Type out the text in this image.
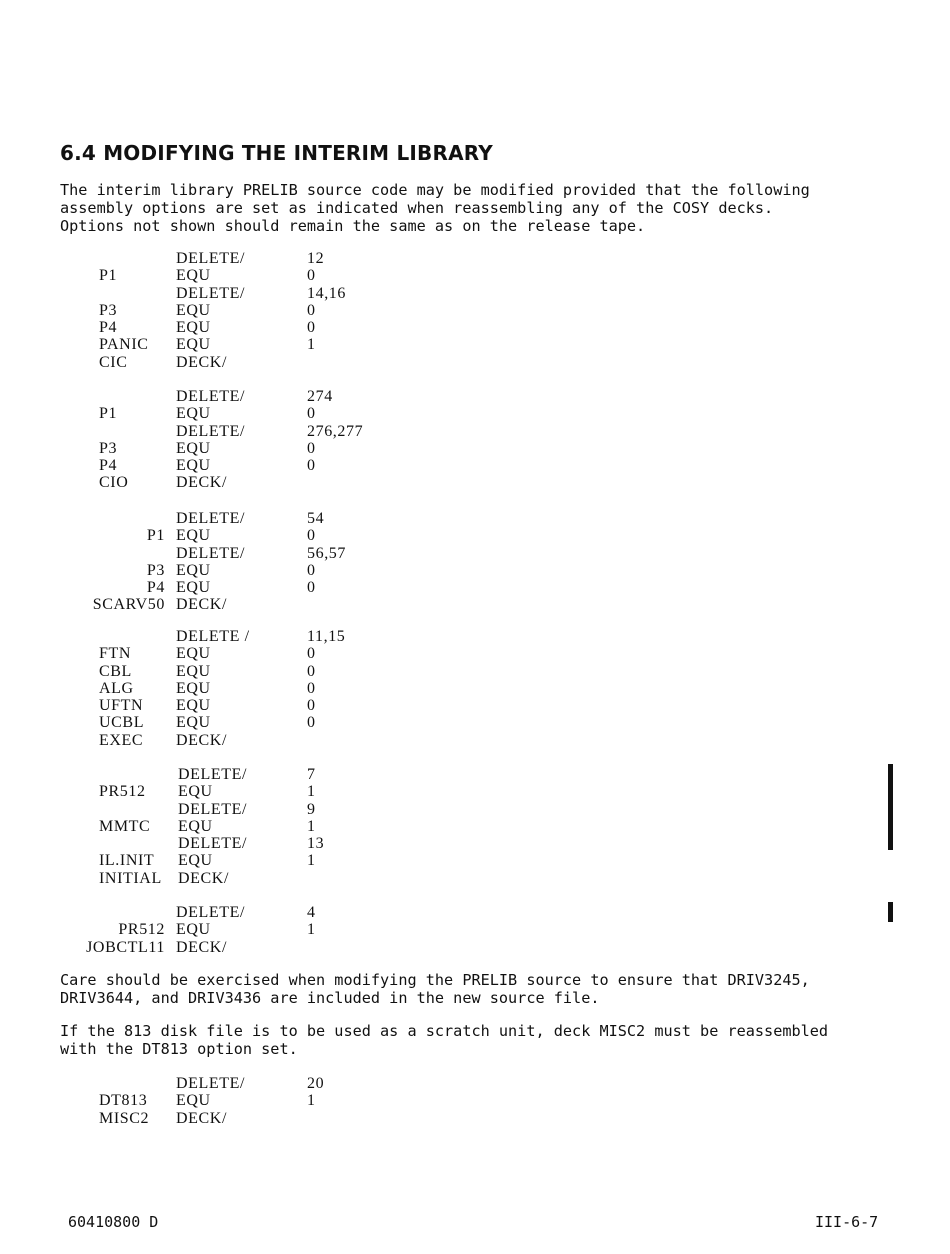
6.4 MODIFYING THE INTERIM LIBRARY
The interim library PRELIB source code may be modified provided that the following
assembly options are set as indicated when reassembling any of the COSY decks.
Options not shown should remain the same as on the release tape.
DELETE/	12
P1	EQU	0
DELETE/	14,16
P3	EQU	0
P4	EQU	0
PANIC EQU	1
CIC	DECK/
DELETE/	274
P1	EQU	0
DELETE/	276,277
P3	EQU	0
P4	EQU	0
CIO	DECK/
DELETE/	54
P1 EQU	0
DELETE/	56,57
P3 EQU	0
P4 EQU	0
SCARV50 DECK/
DELETE /	11,15
FTN	EQU	0
CBL	EQU	0
ALG	EQU	0
UFTN EQU	0
UCBL EQU	0
EXEC DECK/
DELETE/	7
PR512 EQU	1
DELETE/	9
MMTC EQU	1
DELETE/	13
IL.INIT EQU	1
INITIAL DECK/
DELETE/	4
PR512 EQU	1
JOBCTL11 DECK/
DELETE/	20
DT813 EQU	1
MISC2 DECK/
Care should be exercised when modifying the PRELIB source to ensure that DRIV3245,
DRIV3644, and DRIV3436 are included in the new source file.
If the 813 disk file is to be used as a scratch unit, deck MISC2 must be reassembled
with the DT813 option set.
60410800 D	III-6-7
